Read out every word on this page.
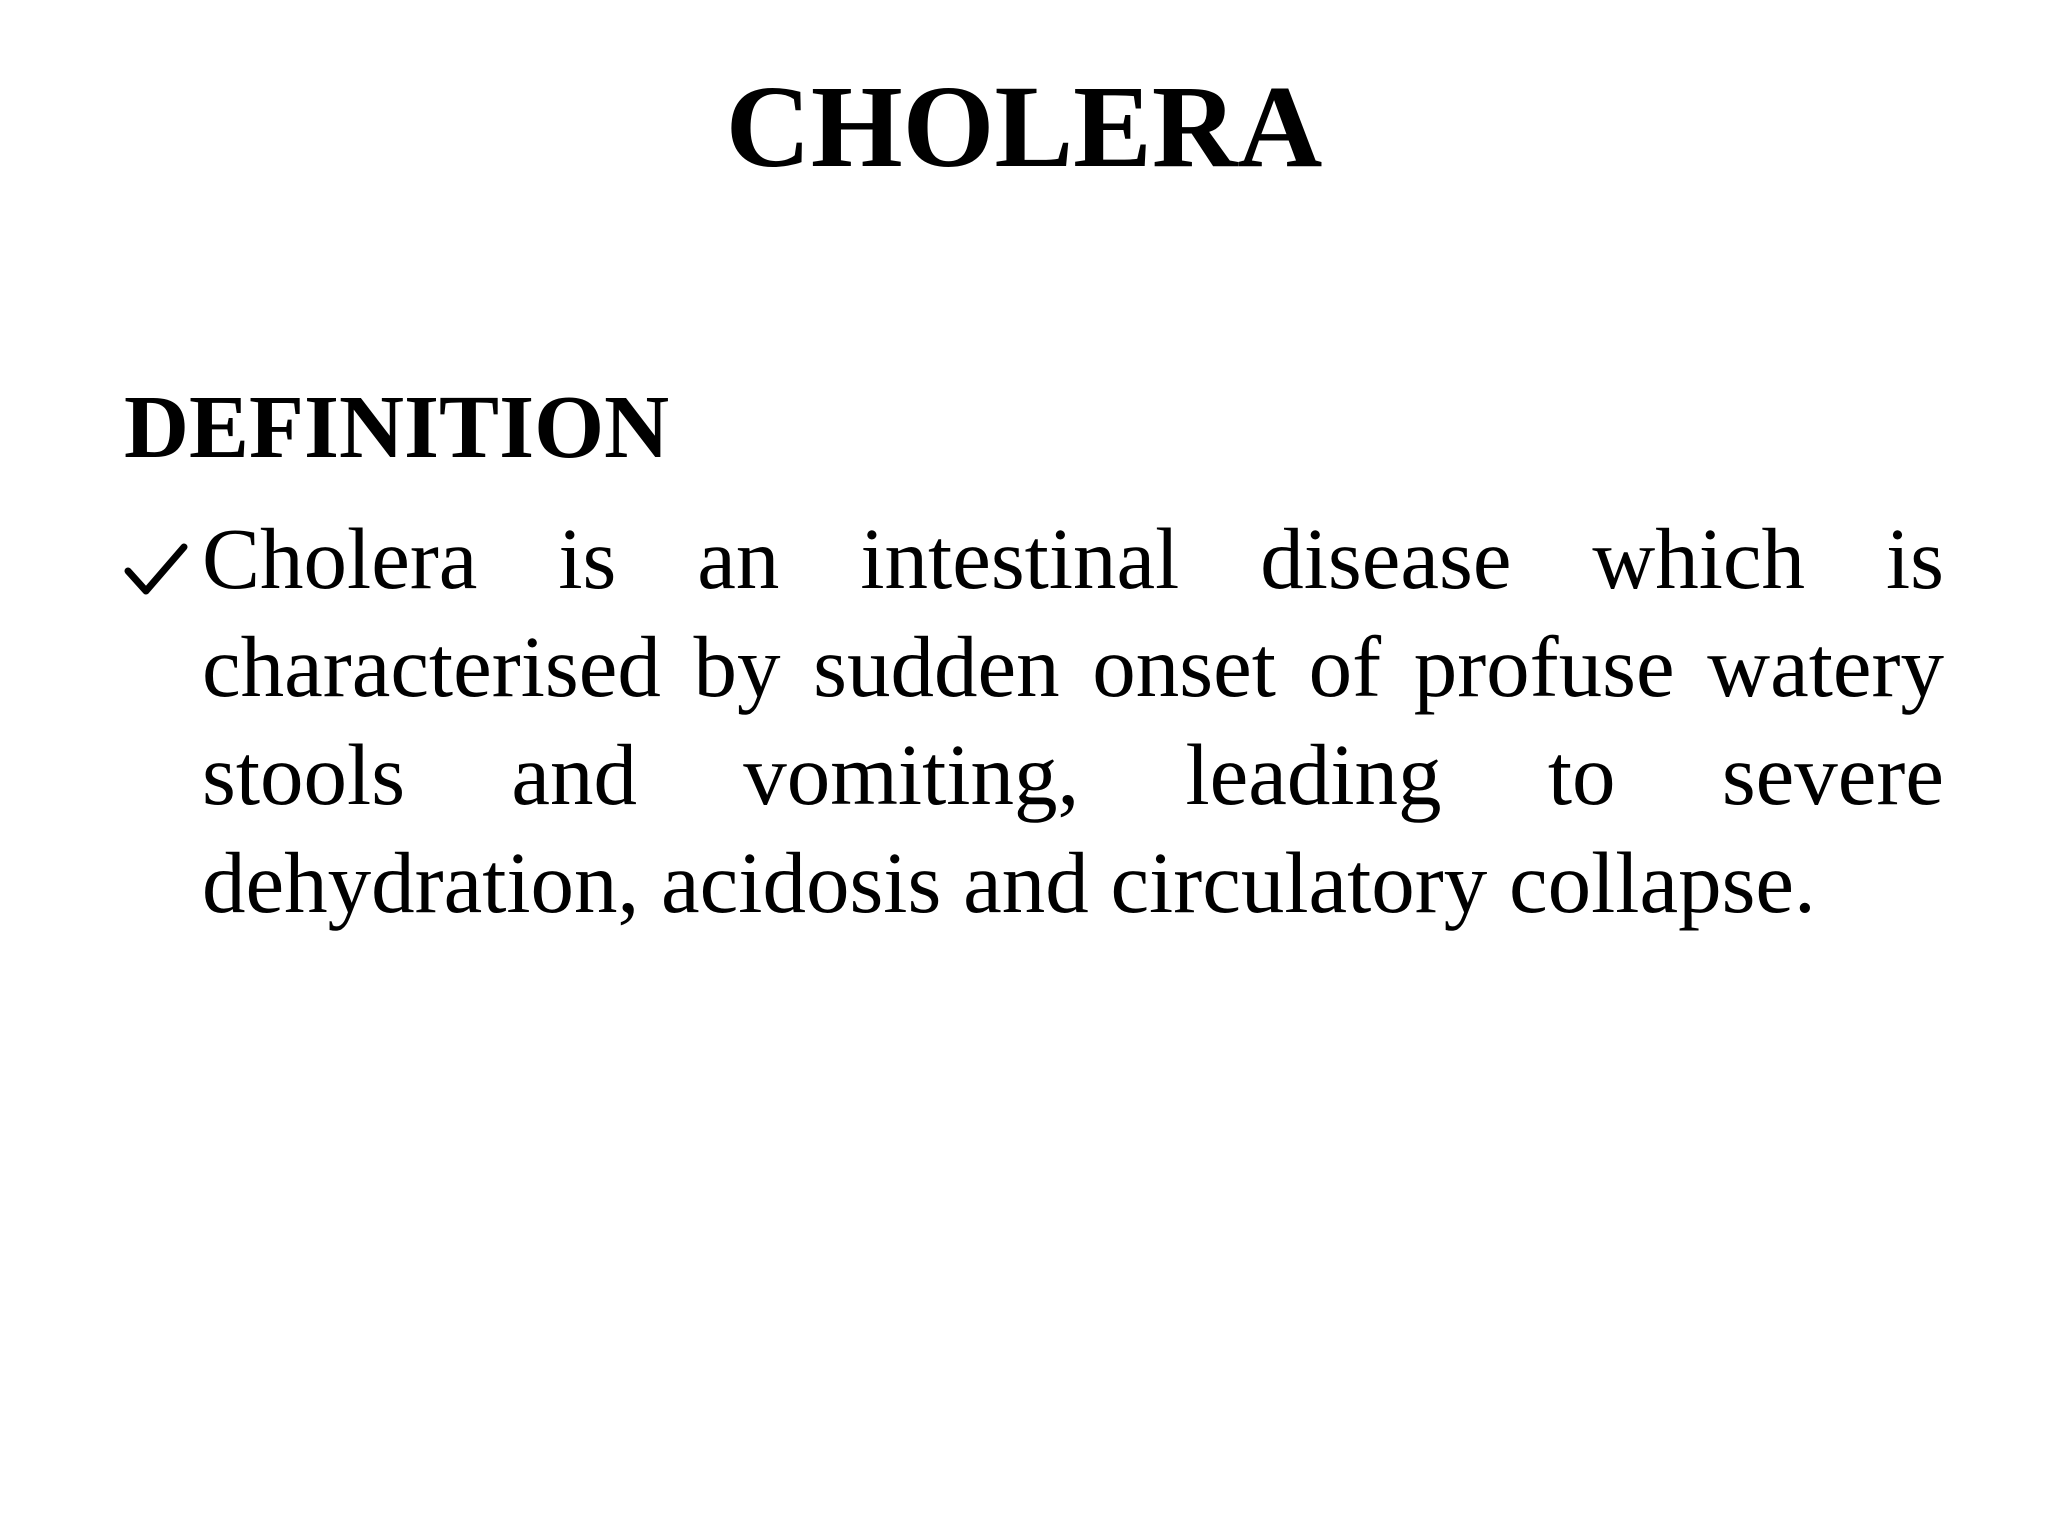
CHOLERA
DEFINITION

Cholera is an intestinal disease which is characterised by sudden onset of profuse watery stools and vomiting, leading to severe dehydration, acidosis and circulatory collapse.
